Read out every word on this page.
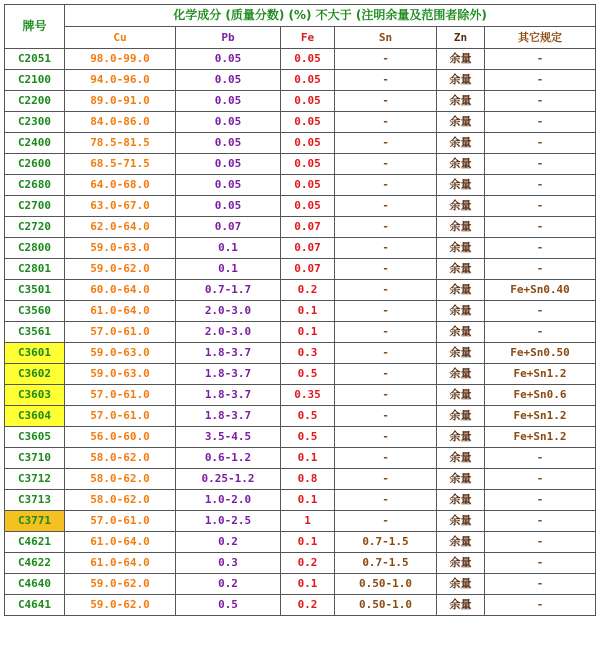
牌号	化学成分 (质量分数) (%) 不大于 (注明余量及范围者除外)					
	Cu	Pb	Fe	Sn	Zn	其它规定
C2051	98.0-99.0	0.05	0.05	-	余量	-
C2100	94.0-96.0	0.05	0.05	-	余量	-
C2200	89.0-91.0	0.05	0.05	-	余量	-
C2300	84.0-86.0	0.05	0.05	-	余量	-
C2400	78.5-81.5	0.05	0.05	-	余量	-
C2600	68.5-71.5	0.05	0.05	-	余量	-
C2680	64.0-68.0	0.05	0.05	-	余量	-
C2700	63.0-67.0	0.05	0.05	-	余量	-
C2720	62.0-64.0	0.07	0.07	-	余量	-
C2800	59.0-63.0	0.1	0.07	-	余量	-
C2801	59.0-62.0	0.1	0.07	-	余量	-
C3501	60.0-64.0	0.7-1.7	0.2	-	余量	Fe+Sn0.40
C3560	61.0-64.0	2.0-3.0	0.1	-	余量	-
C3561	57.0-61.0	2.0-3.0	0.1	-	余量	-
C3601	59.0-63.0	1.8-3.7	0.3	-	余量	Fe+Sn0.50
C3602	59.0-63.0	1.8-3.7	0.5	-	余量	Fe+Sn1.2
C3603	57.0-61.0	1.8-3.7	0.35	-	余量	Fe+Sn0.6
C3604	57.0-61.0	1.8-3.7	0.5	-	余量	Fe+Sn1.2
C3605	56.0-60.0	3.5-4.5	0.5	-	余量	Fe+Sn1.2
C3710	58.0-62.0	0.6-1.2	0.1	-	余量	-
C3712	58.0-62.0	0.25-1.2	0.8	-	余量	-
C3713	58.0-62.0	1.0-2.0	0.1	-	余量	-
C3771	57.0-61.0	1.0-2.5	1	-	余量	-
C4621	61.0-64.0	0.2	0.1	0.7-1.5	余量	-
C4622	61.0-64.0	0.3	0.2	0.7-1.5	余量	-
C4640	59.0-62.0	0.2	0.1	0.50-1.0	余量	-
C4641	59.0-62.0	0.5	0.2	0.50-1.0	余量	-
